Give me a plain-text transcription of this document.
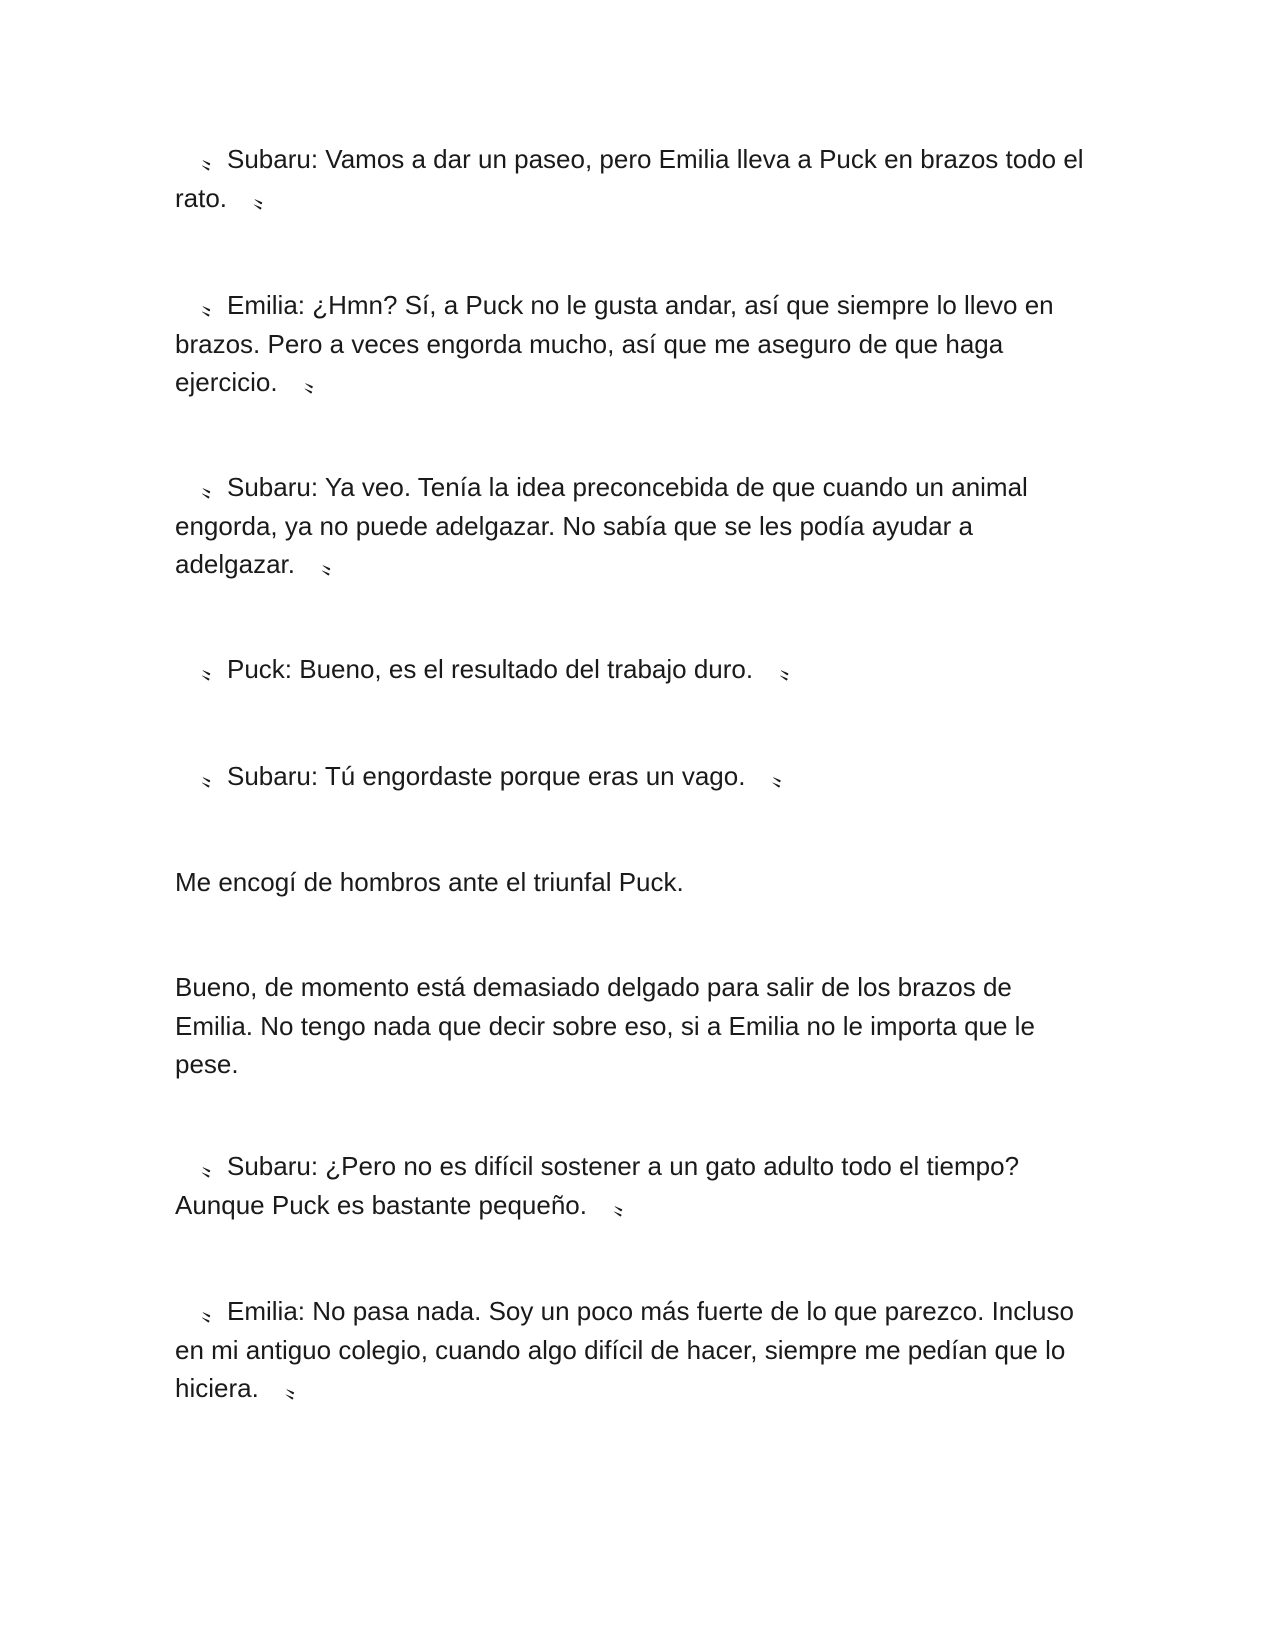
　〟Subaru: Vamos a dar un paseo, pero Emilia lleva a Puck en brazos todo el rato.　〟

　〟Emilia: ¿Hmn? Sí, a Puck no le gusta andar, así que siempre lo llevo en brazos. Pero a veces engorda mucho, así que me aseguro de que haga ejercicio.　〟

　〟Subaru: Ya veo. Tenía la idea preconcebida de que cuando un animal engorda, ya no puede adelgazar. No sabía que se les podía ayudar a adelgazar.　〟

　〟Puck: Bueno, es el resultado del trabajo duro.　〟

　〟Subaru: Tú engordaste porque eras un vago.　〟

Me encogí de hombros ante el triunfal Puck.

Bueno, de momento está demasiado delgado para salir de los brazos de Emilia. No tengo nada que decir sobre eso, si a Emilia no le importa que le pese.

　〟Subaru: ¿Pero no es difícil sostener a un gato adulto todo el tiempo? Aunque Puck es bastante pequeño.　〟

　〟Emilia: No pasa nada. Soy un poco más fuerte de lo que parezco. Incluso en mi antiguo colegio, cuando algo difícil de hacer, siempre me pedían que lo hiciera.　〟
